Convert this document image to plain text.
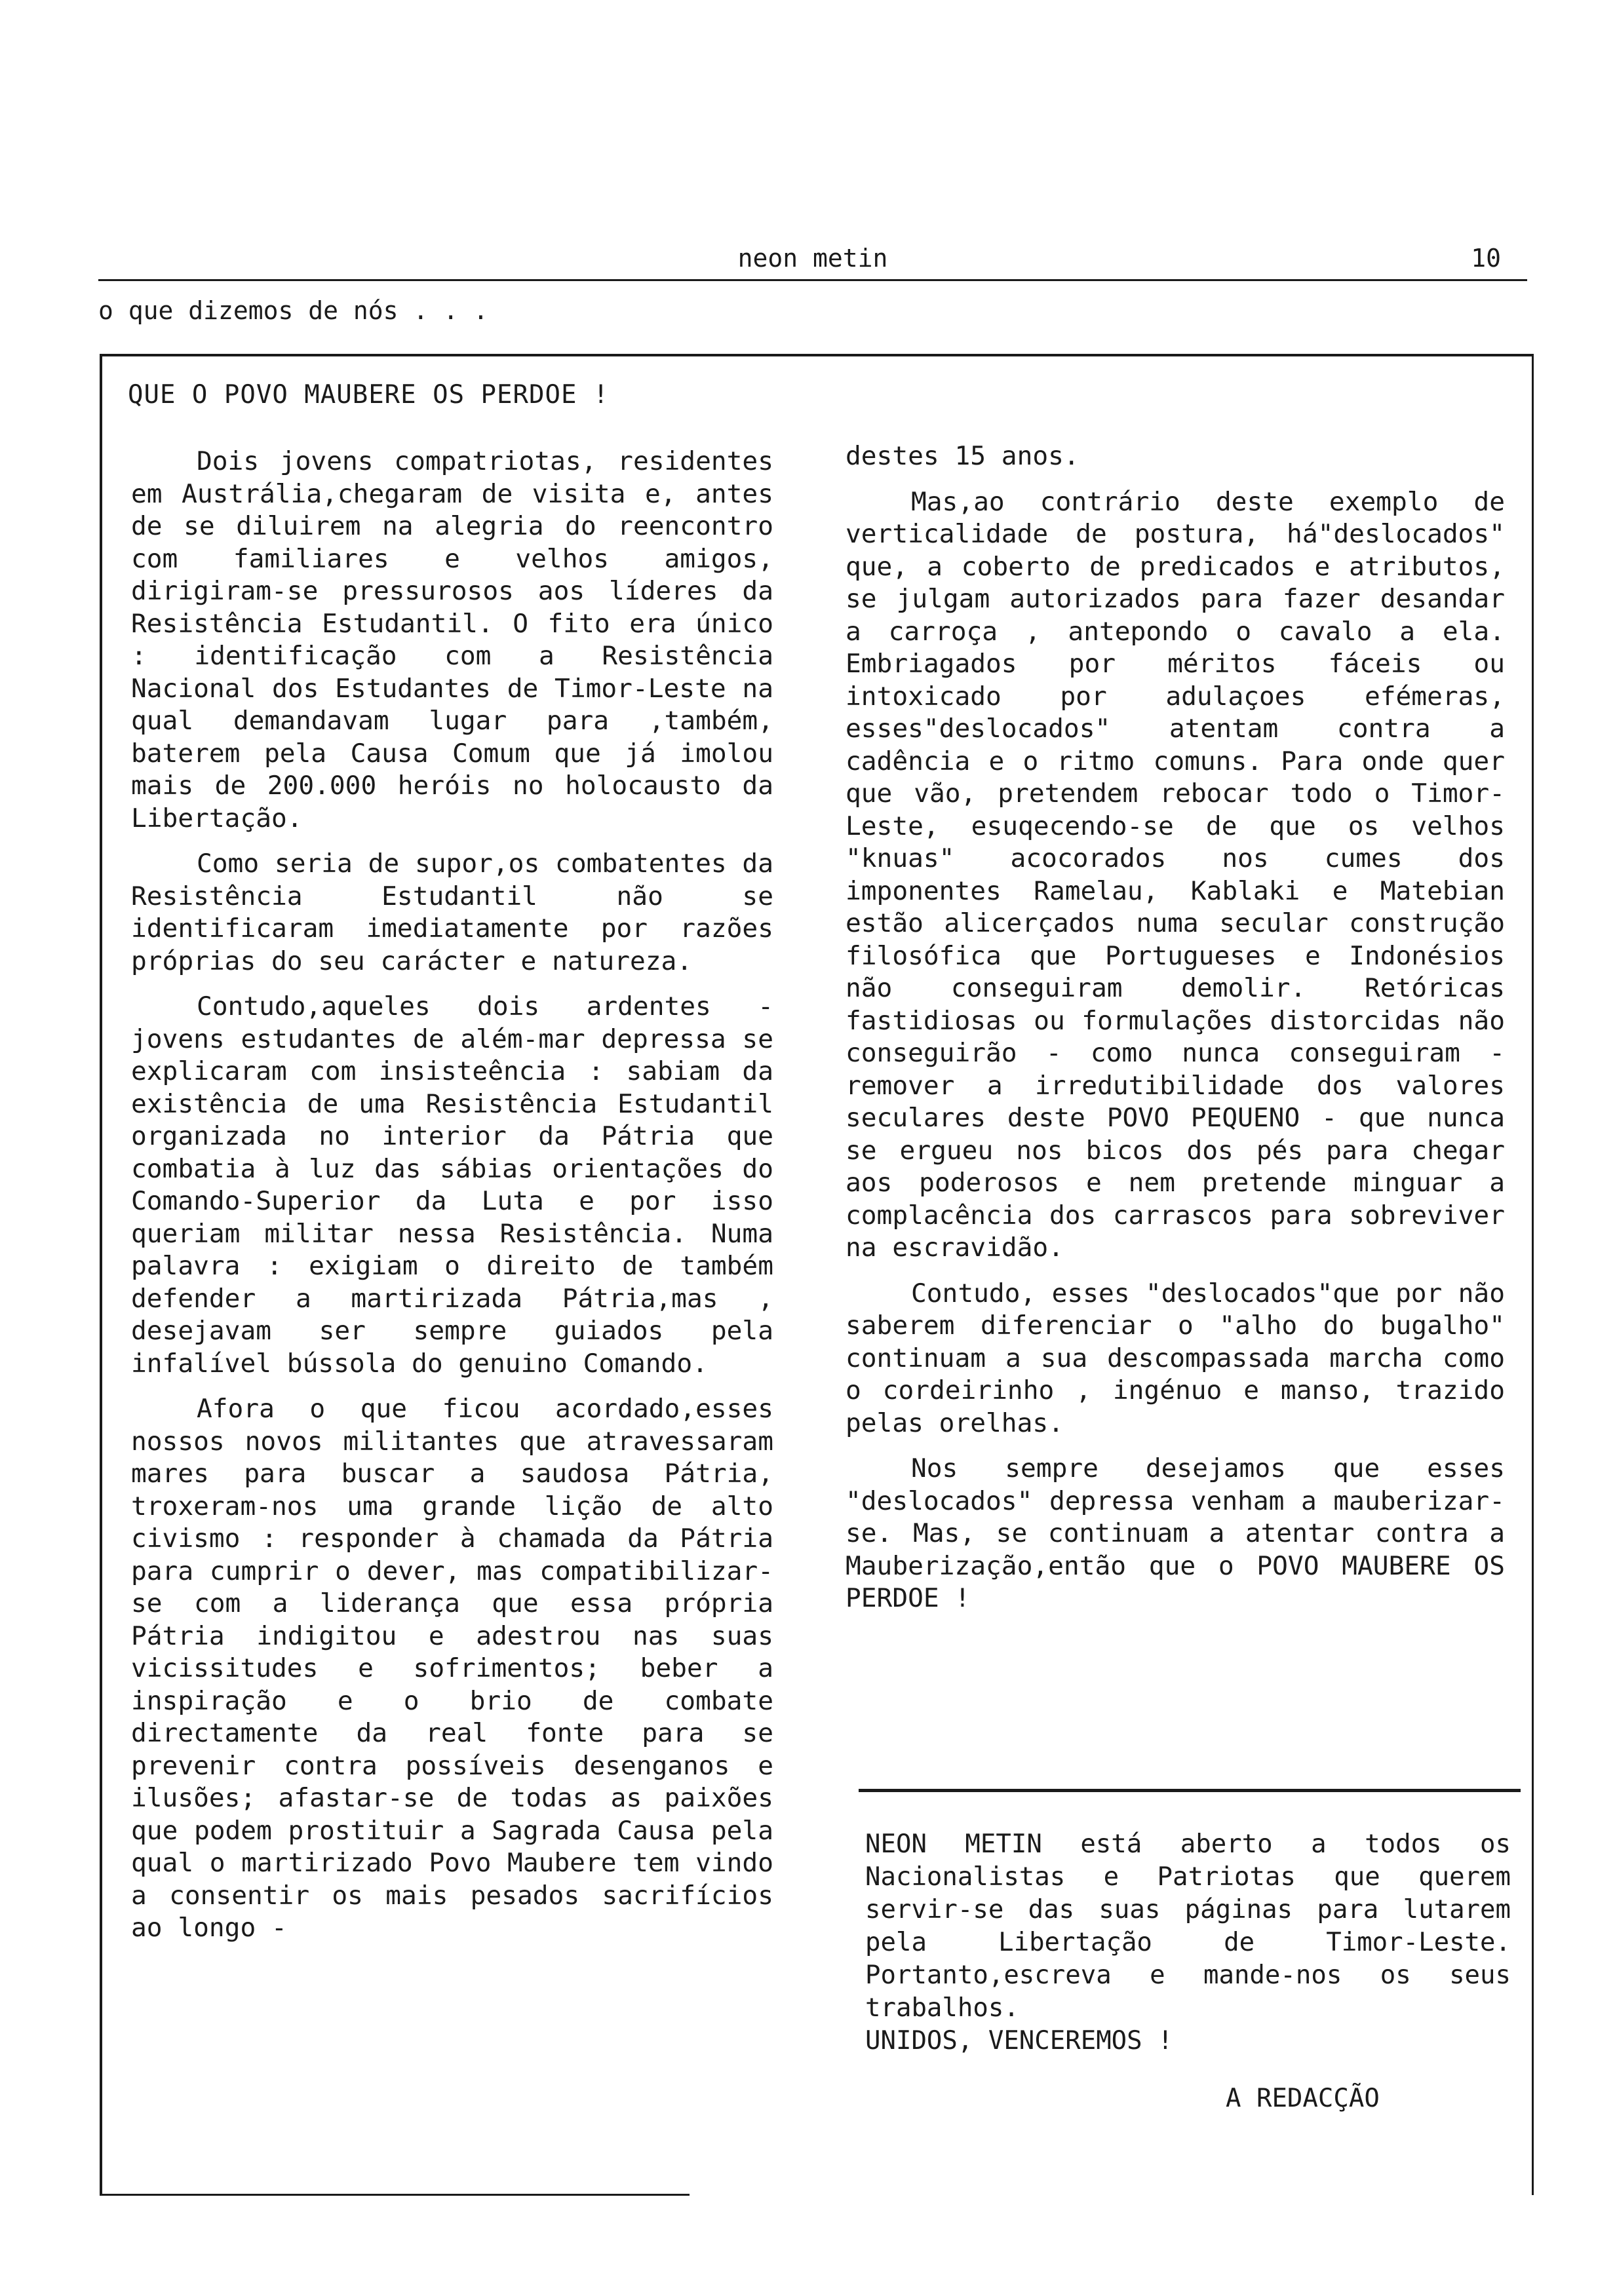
neon metin	10
o que dizemos de nós . . .
QUE O POVO MAUBERE OS PERDOE !

Dois jovens compatriotas, residentes em Austrália,chegaram de visita e, antes de se diluirem na alegria do reencontro com familiares e velhos amigos, dirigiram-se pressurosos aos líderes da Resistência Estudantil. O fito era único : identificação com a Resistência Nacional dos Estudantes de Timor-Leste na qual demandavam lugar para ,também, baterem pela Causa Comum que já imolou mais de 200.000 heróis no holocausto da Libertação.

Como seria de supor,os combatentes da Resistência Estudantil não se identificaram imediatamente por razões próprias do seu carácter e natureza.

Contudo,aqueles dois ardentes - jovens estudantes de além-mar depressa se explicaram com insisteência : sabiam da existência de uma Resistência Estudantil organizada no interior da Pátria que combatia à luz das sábias orientações do Comando-Superior da Luta e por isso queriam militar nessa Resistência. Numa palavra : exigiam o direito de também defender a martirizada Pátria,mas , desejavam ser sempre guiados pela infalível bússola do genuino Comando.

Afora o que ficou acordado,esses nossos novos militantes que atravessaram mares para buscar a saudosa Pátria, troxeram-nos uma grande lição de alto civismo : responder à chamada da Pátria para cumprir o dever, mas compatibilizar-se com a liderança que essa própria Pátria indigitou e adestrou nas suas vicissitudes e sofrimentos; beber a inspiração e o brio de combate directamente da real fonte para se prevenir contra possíveis desenganos e ilusões; afastar-se de todas as paixões que podem prostituir a Sagrada Causa pela qual o martirizado Povo Maubere tem vindo a consentir os mais pesados sacrifícios ao longo -

destes 15 anos.

Mas,ao contrário deste exemplo de verticalidade de postura, há"deslocados" que, a coberto de predicados e atributos, se julgam autorizados para fazer desandar a carroça , antepondo o cavalo a ela. Embriagados por méritos fáceis ou intoxicado por adulaçoes efémeras, esses"deslocados" atentam contra a cadência e o ritmo comuns. Para onde quer que vão, pretendem rebocar todo o Timor-Leste, esuqecendo-se de que os velhos "knuas" acocorados nos cumes dos imponentes Ramelau, Kablaki e Matebian estão alicerçados numa secular construção filosófica que Portugueses e Indonésios não conseguiram demolir. Retóricas fastidiosas ou formulações distorcidas não conseguirão - como nunca conseguiram -remover a irredutibilidade dos valores seculares deste POVO PEQUENO - que nunca se ergueu nos bicos dos pés para chegar aos poderosos e nem pretende minguar a complacência dos carrascos para sobreviver na escravidão.

Contudo, esses "deslocados"que por não saberem diferenciar o "alho do bugalho" continuam a sua descompassada marcha como o cordeirinho , ingénuo e manso, trazido pelas orelhas.

Nos sempre desejamos que esses "deslocados" depressa venham a mauberizar-se. Mas, se continuam a atentar contra a Mauberização,então que o POVO MAUBERE OS PERDOE !

NEON METIN está aberto a todos os Nacionalistas e Patriotas que querem servir-se das suas páginas para lutarem pela Libertação de Timor-Leste. Portanto,escreva e mande-nos os seus trabalhos.

UNIDOS, VENCEREMOS !

A REDACÇÃO
